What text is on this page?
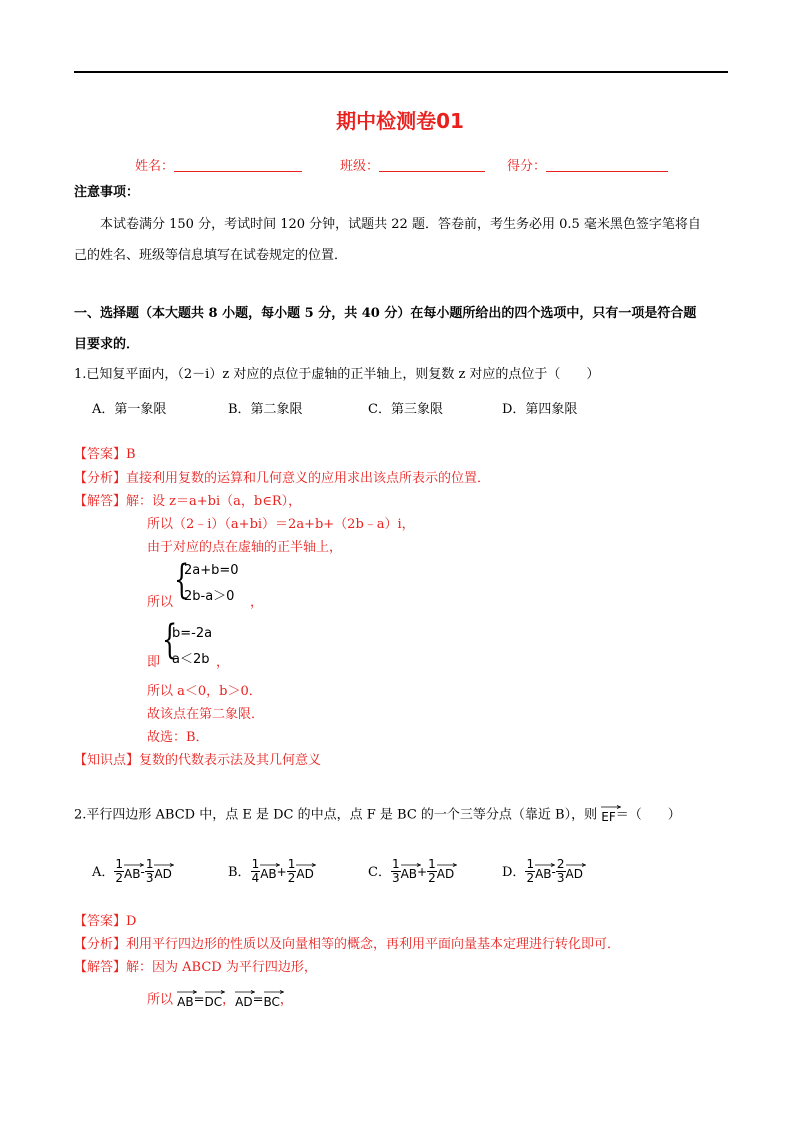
期中检测卷01
姓名：	班级：	得分：
注意事项：
本试卷满分 150 分，考试时间 120 分钟，试题共 22 题．答卷前，考生务必用 0.5 毫米黑色签字笔将自
己的姓名、班级等信息填写在试卷规定的位置．
一、选择题（本大题共 8 小题，每小题 5 分，共 40 分）在每小题所给出的四个选项中，只有一项是符合题
目要求的．
1.已知复平面内，（2－i）z 对应的点位于虚轴的正半轴上，则复数 z 对应的点位于（　　）
A．第一象限	B．第二象限	C．第三象限	D．第四象限
【答案】B
【分析】直接利用复数的运算和几何意义的应用求出该点所表示的位置．
【解答】解：设 z＝a+bi（a，b∈R），
所以（2﹣i）（a+bi）＝2a+b+（2b﹣a）i，
由于对应的点在虚轴的正半轴上，
所以 {
2a+b=0
2b-a＞0 ，
即 {
b=-2a
a＜2b ，
所以 a＜0，b＞0．
故该点在第二象限．
故选：B．
【知识点】复数的代数表示法及其几何意义
2.平行四边形 ABCD 中，点 E 是 DC 的中点，点 F 是 BC 的一个三等分点（靠近 B），则 EF＝（　　）
A． $\frac{1}{2}$ AB - $\frac{1}{3}$ AD	B． $\frac{1}{4}$ AB + $\frac{1}{2}$ AD	C． $\frac{1}{3}$ AB + $\frac{1}{2}$ AD	D． $\frac{1}{2}$ AB - $\frac{2}{3}$ AD
【答案】D
【分析】利用平行四边形的性质以及向量相等的概念，再利用平面向量基本定理进行转化即可．
【解答】解：因为 ABCD 为平行四边形，
所以 AB=
DC，
AD=
BC，
